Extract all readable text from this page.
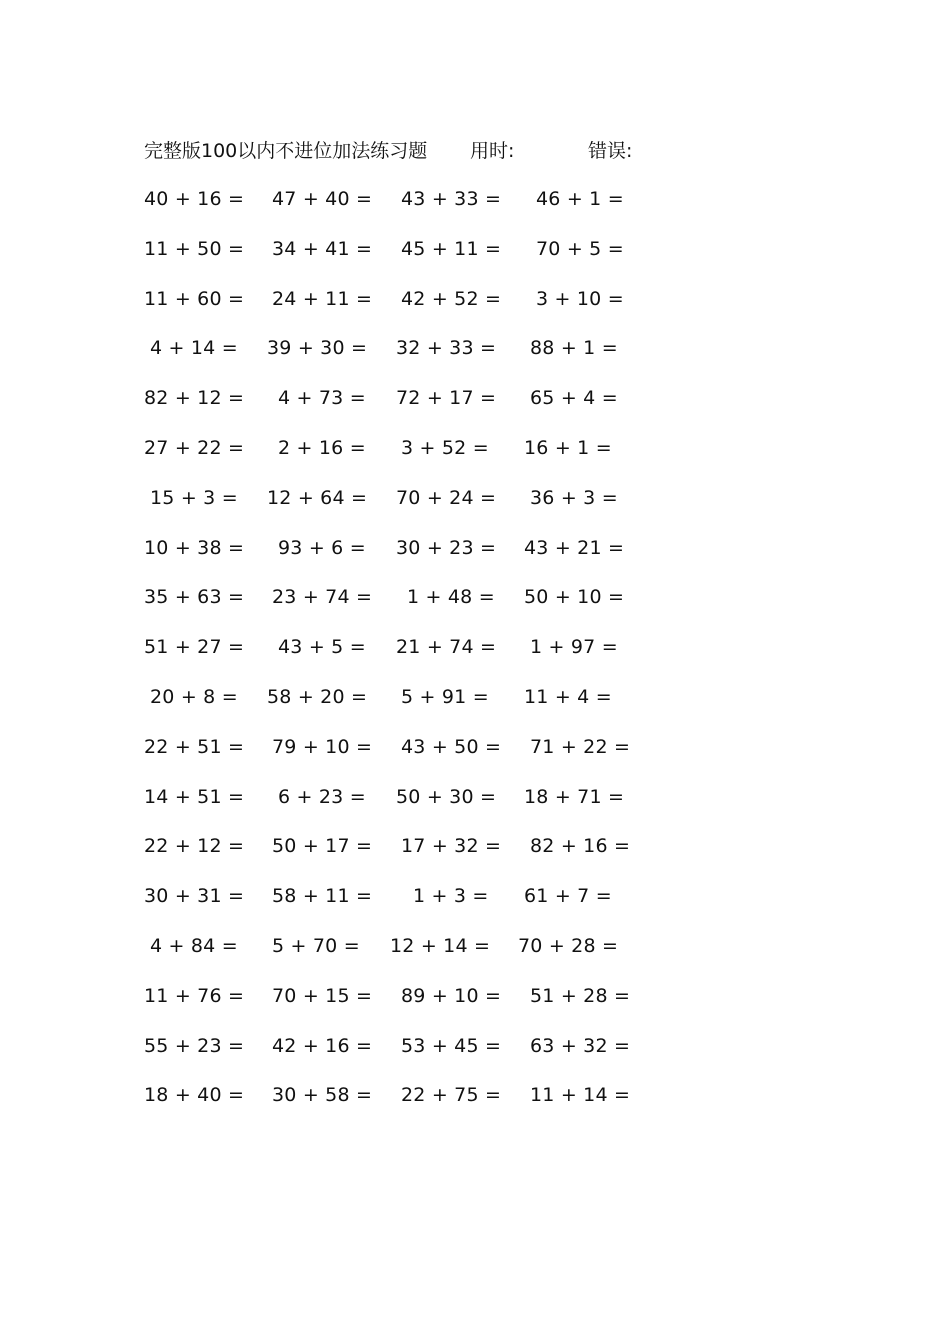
完整版100以内不进位加法练习题 用时:	错误:
40 + 16 = 47 + 40 = 43 + 33 = 46 + 1 =
11 + 50 = 34 + 41 = 45 + 11 = 70 + 5 =
11 + 60 = 24 + 11 = 42 + 52 = 3 + 10 =
4 + 14 = 39 + 30 = 32 + 33 = 88 + 1 =
82 + 12 = 4 + 73 = 72 + 17 = 65 + 4 =
27 + 22 = 2 + 16 = 3 + 52 = 16 + 1 =
15 + 3 = 12 + 64 = 70 + 24 = 36 + 3 =
10 + 38 = 93 + 6 = 30 + 23 = 43 + 21 =
35 + 63 = 23 + 74 = 1 + 48 = 50 + 10 =
51 + 27 = 43 + 5 = 21 + 74 = 1 + 97 =
20 + 8 = 58 + 20 = 5 + 91 = 11 + 4 =
22 + 51 = 79 + 10 = 43 + 50 = 71 + 22 =
14 + 51 = 6 + 23 = 50 + 30 = 18 + 71 =
22 + 12 = 50 + 17 = 17 + 32 = 82 + 16 =
30 + 31 = 58 + 11 = 1 + 3 = 61 + 7 =
4 + 84 = 5 + 70 = 12 + 14 = 70 + 28 =
11 + 76 = 70 + 15 = 89 + 10 = 51 + 28 =
55 + 23 = 42 + 16 = 53 + 45 = 63 + 32 =
18 + 40 = 30 + 58 = 22 + 75 = 11 + 14 =
